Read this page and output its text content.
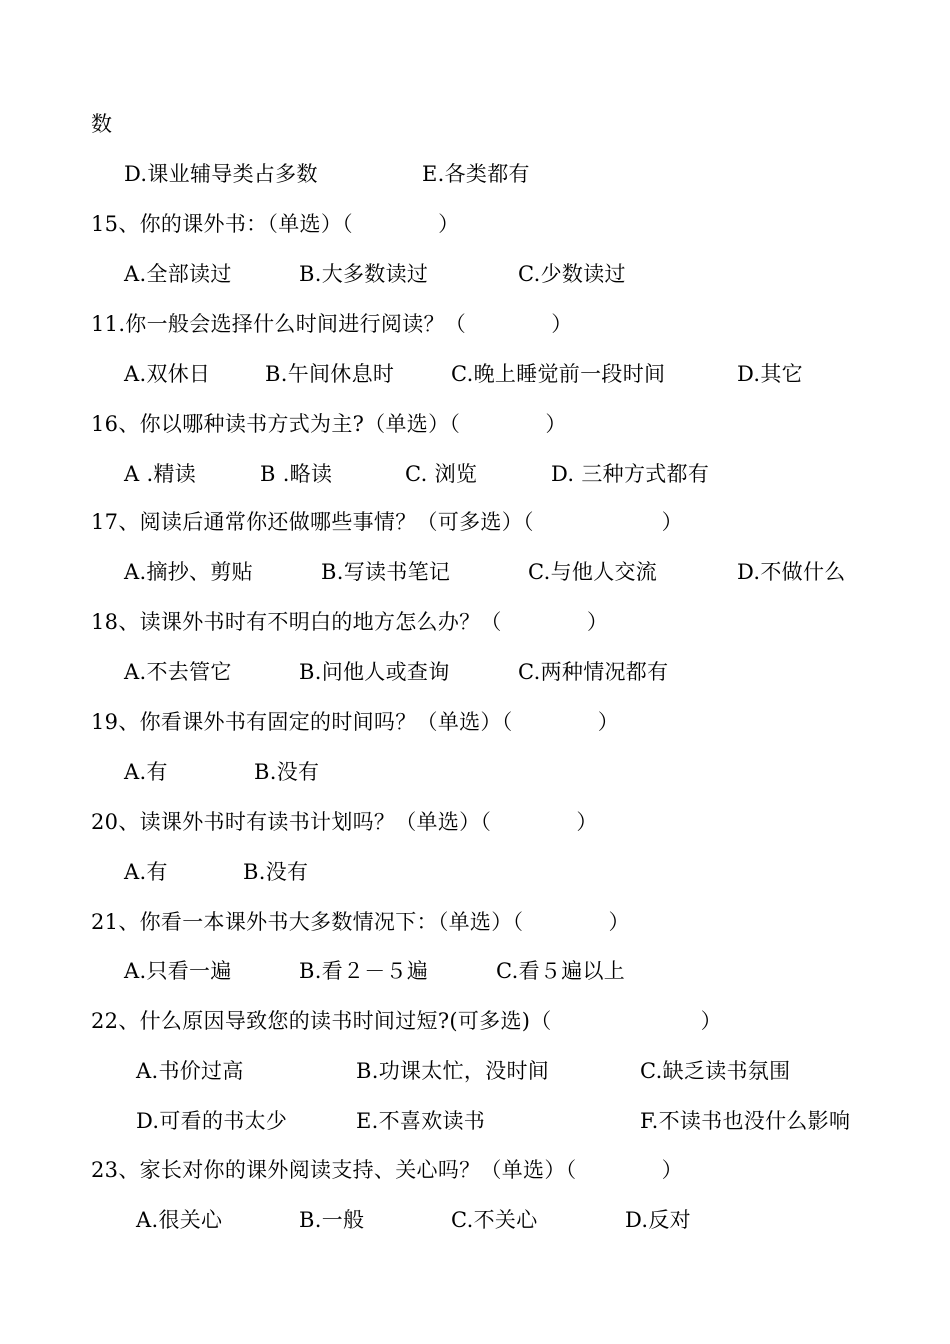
数
D.课业辅导类占多数	E.各类都有
15、你的课外书：（单选）（　　　　）
A.全部读过	B.大多数读过	C.少数读过
11.你一般会选择什么时间进行阅读？（　　　　）
A.双休日	B.午间休息时	C.晚上睡觉前一段时间	D.其它
16、你以哪种读书方式为主?（单选）（　　　　）
A .精读	B .略读	C. 浏览	D. 三种方式都有
17、阅读后通常你还做哪些事情？（可多选）（　　　　　　）
A.摘抄、剪贴	B.写读书笔记	C.与他人交流	D.不做什么
18、读课外书时有不明白的地方怎么办？（　　　　）
A.不去管它	B.问他人或查询	C.两种情况都有
19、你看课外书有固定的时间吗？（单选）（　　　　）
A.有	B.没有
20、读课外书时有读书计划吗？（单选）（　　　　）
A.有	B.没有
21、你看一本课外书大多数情况下：（单选）（　　　　）
A.只看一遍	B.看２－５遍	C.看５遍以上
22、什么原因导致您的读书时间过短?(可多选)（　　　　　　　）
A.书价过高	B.功课太忙，没时间	C.缺乏读书氛围
D.可看的书太少	E.不喜欢读书	F.不读书也没什么影响
23、家长对你的课外阅读支持、关心吗？（单选）（　　　　）
A.很关心	B.一般	C.不关心	D.反对
